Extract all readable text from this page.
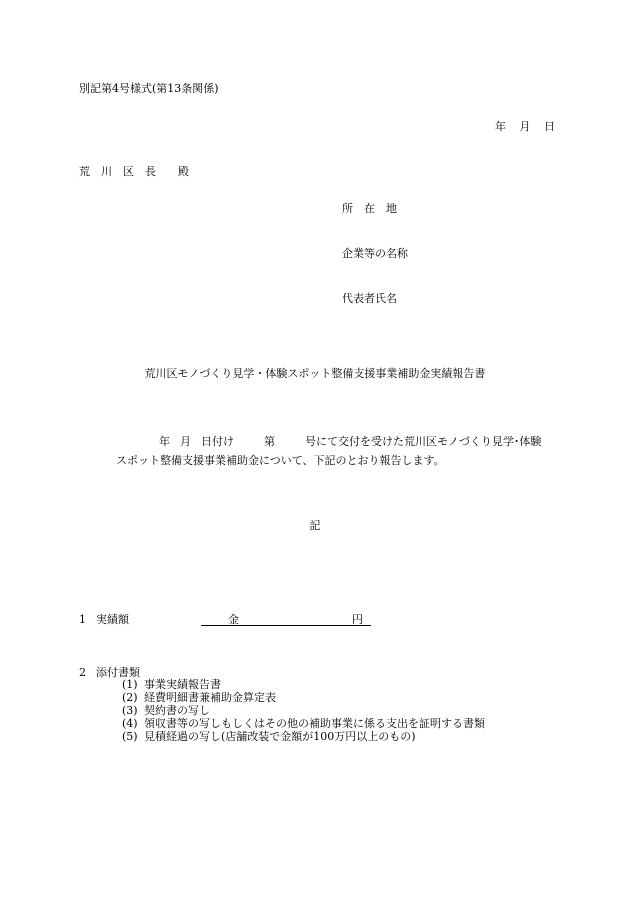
別記第4号様式(第13条関係)
年 月 日
荒 川 区 長 殿
所　在　地
企業等の名称
代表者氏名
荒川区モノづくり見学・体験スポット整備支援事業補助金実績報告書
年 月 日付け	第	号にて交付を受けた荒川区モノづくり見学･体験
スポット整備支援事業補助金について、下記のとおり報告します。
記
1 実績額	金	円
2 添付書類
(1) 事業実績報告書
(2) 経費明細書兼補助金算定表
(3) 契約書の写し
(4) 領収書等の写しもしくはその他の補助事業に係る支出を証明する書類
(5) 見積経過の写し(店舗改装で金額が100万円以上のもの)
